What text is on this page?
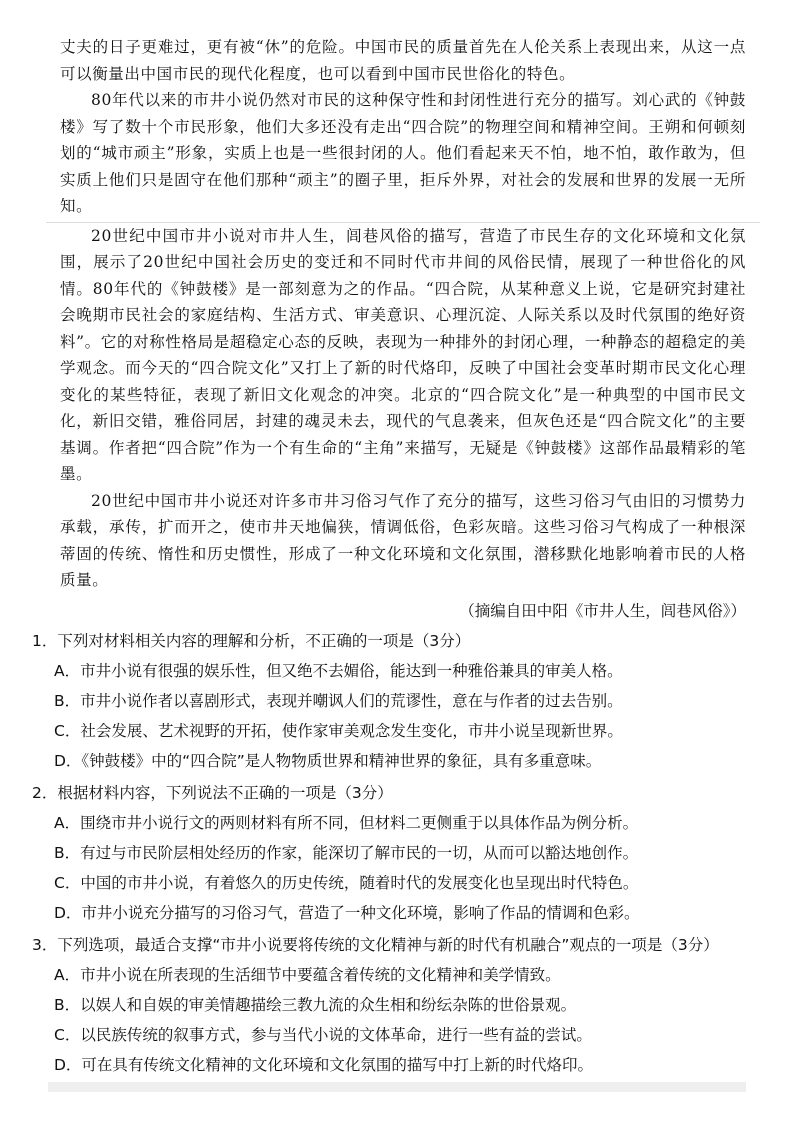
丈夫的日子更难过，更有被“休”的危险。中国市民的质量首先在人伦关系上表现出来，从这一点可以衡量出中国市民的现代化程度，也可以看到中国市民世俗化的特色。

80年代以来的市井小说仍然对市民的这种保守性和封闭性进行充分的描写。刘心武的《钟鼓楼》写了数十个市民形象，他们大多还没有走出“四合院”的物理空间和精神空间。王朔和何顿刻划的“城市顽主”形象，实质上也是一些很封闭的人。他们看起来天不怕，地不怕，敢作敢为，但实质上他们只是固守在他们那种“顽主”的圈子里，拒斥外界，对社会的发展和世界的发展一无所知。

20世纪中国市井小说对市井人生，闾巷风俗的描写，营造了市民生存的文化环境和文化氛围，展示了20世纪中国社会历史的变迁和不同时代市井间的风俗民情，展现了一种世俗化的风情。80年代的《钟鼓楼》是一部刻意为之的作品。“四合院，从某种意义上说，它是研究封建社会晚期市民社会的家庭结构、生活方式、审美意识、心理沉淀、人际关系以及时代氛围的绝好资料”。它的对称性格局是超稳定心态的反映，表现为一种排外的封闭心理，一种静态的超稳定的美学观念。而今天的“四合院文化”又打上了新的时代烙印，反映了中国社会变革时期市民文化心理变化的某些特征，表现了新旧文化观念的冲突。北京的“四合院文化”是一种典型的中国市民文化，新旧交错，雅俗同居，封建的魂灵未去，现代的气息袭来，但灰色还是“四合院文化”的主要基调。作者把“四合院”作为一个有生命的“主角”来描写，无疑是《钟鼓楼》这部作品最精彩的笔墨。

20世纪中国市井小说还对许多市井习俗习气作了充分的描写，这些习俗习气由旧的习惯势力承载，承传，扩而开之，使市井天地偏狭，情调低俗，色彩灰暗。这些习俗习气构成了一种根深蒂固的传统、惰性和历史惯性，形成了一种文化环境和文化氛围，潜移默化地影响着市民的人格质量。

（摘编自田中阳《市井人生，闾巷风俗》）

1．下列对材料相关内容的理解和分析，不正确的一项是（3分）

A．市井小说有很强的娱乐性，但又绝不去媚俗，能达到一种雅俗兼具的审美人格。

B．市井小说作者以喜剧形式，表现并嘲讽人们的荒谬性，意在与作者的过去告别。

C．社会发展、艺术视野的开拓，使作家审美观念发生变化，市井小说呈现新世界。

D．《钟鼓楼》中的“四合院”是人物物质世界和精神世界的象征，具有多重意味。

2．根据材料内容，下列说法不正确的一项是（3分）

A．围绕市井小说行文的两则材料有所不同，但材料二更侧重于以具体作品为例分析。

B．有过与市民阶层相处经历的作家，能深切了解市民的一切，从而可以豁达地创作。

C．中国的市井小说，有着悠久的历史传统，随着时代的发展变化也呈现出时代特色。

D．市井小说充分描写的习俗习气，营造了一种文化环境，影响了作品的情调和色彩。

3．下列选项，最适合支撑“市井小说要将传统的文化精神与新的时代有机融合”观点的一项是（3分）

A．市井小说在所表现的生活细节中要蕴含着传统的文化精神和美学情致。

B．以娱人和自娱的审美情趣描绘三教九流的众生相和纷纭杂陈的世俗景观。

C．以民族传统的叙事方式，参与当代小说的文体革命，进行一些有益的尝试。

D．可在具有传统文化精神的文化环境和文化氛围的描写中打上新的时代烙印。
